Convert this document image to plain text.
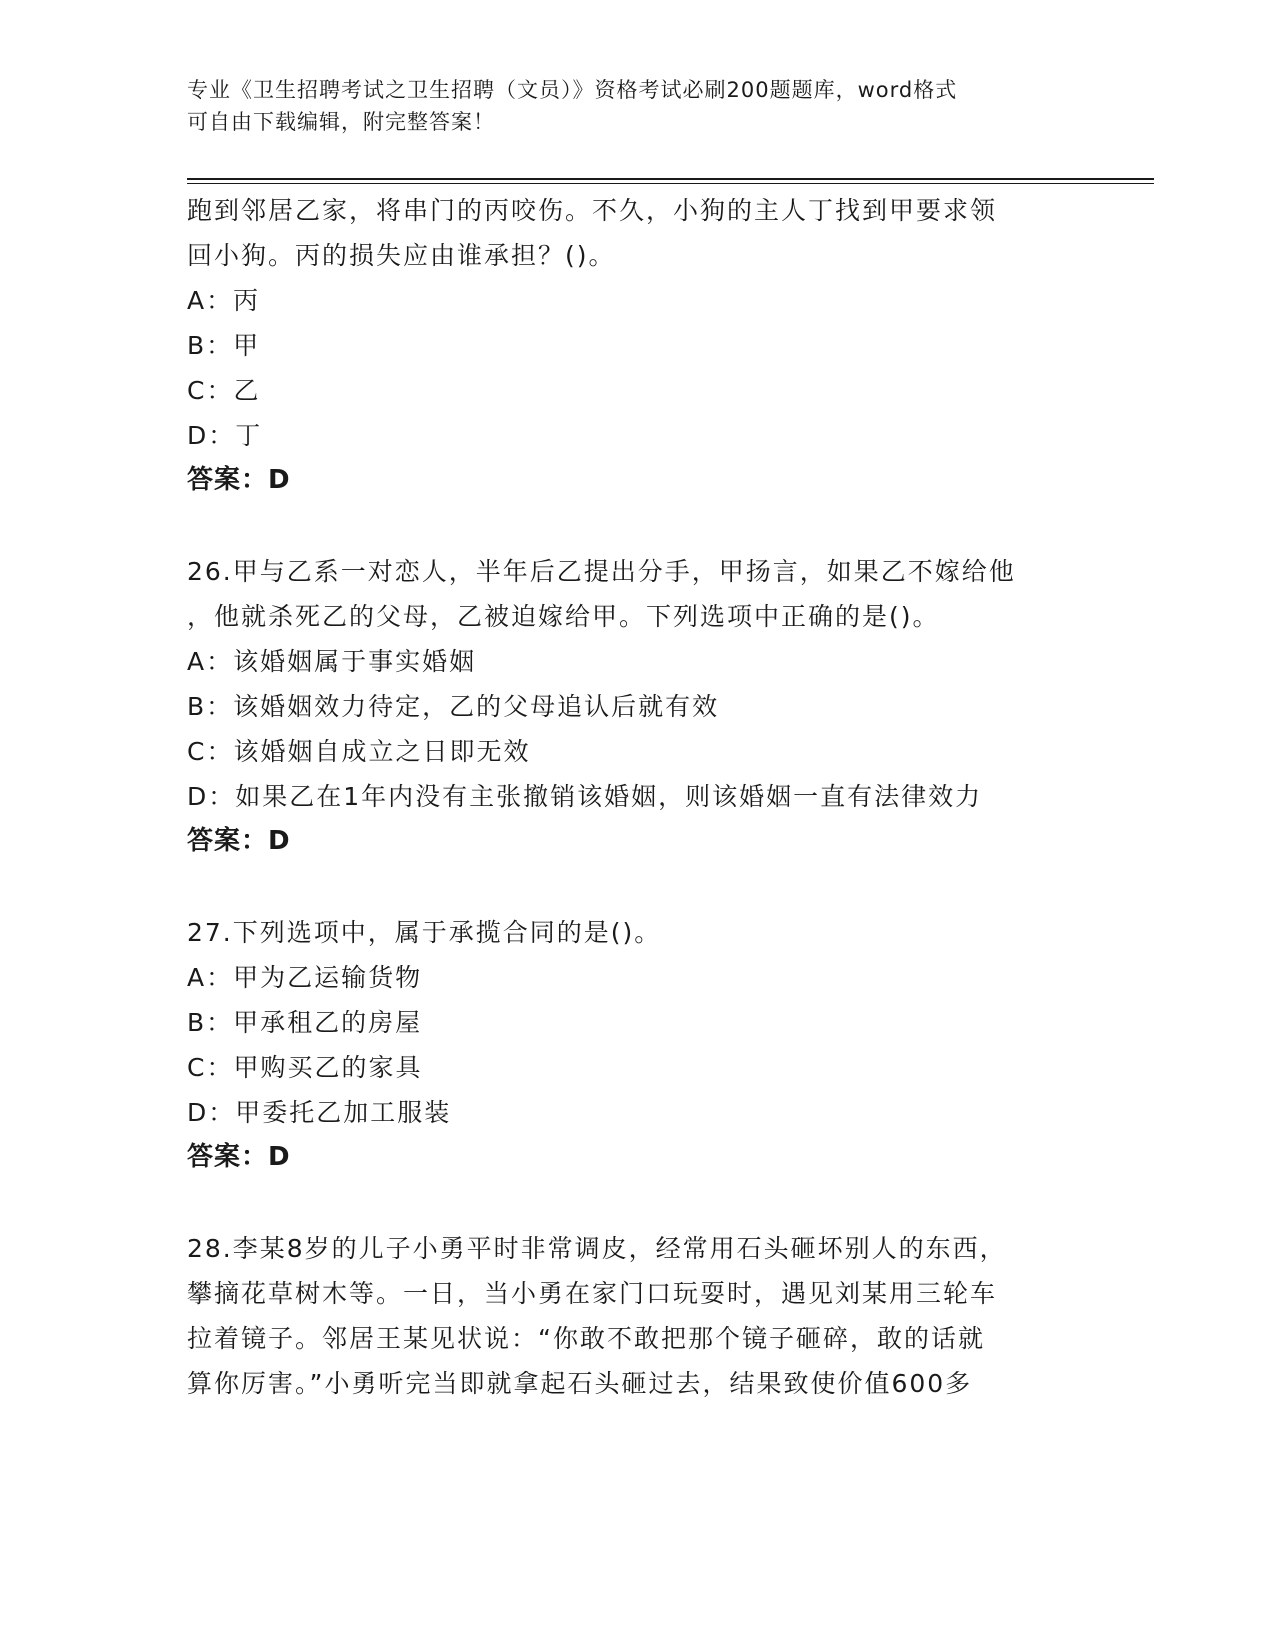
专业《卫生招聘考试之卫生招聘（文员）》资格考试必刷200题题库，word格式
可自由下载编辑，附完整答案！
跑到邻居乙家，将串门的丙咬伤。不久，小狗的主人丁找到甲要求领
回小狗。丙的损失应由谁承担？()。
A：丙
B：甲
C：乙
D：丁
答案：D
26.甲与乙系一对恋人，半年后乙提出分手，甲扬言，如果乙不嫁给他
，他就杀死乙的父母，乙被迫嫁给甲。下列选项中正确的是()。
A：该婚姻属于事实婚姻
B：该婚姻效力待定，乙的父母追认后就有效
C：该婚姻自成立之日即无效
D：如果乙在1年内没有主张撤销该婚姻，则该婚姻一直有法律效力
答案：D
27.下列选项中，属于承揽合同的是()。
A：甲为乙运输货物
B：甲承租乙的房屋
C：甲购买乙的家具
D：甲委托乙加工服装
答案：D
28.李某8岁的儿子小勇平时非常调皮，经常用石头砸坏别人的东西，
攀摘花草树木等。一日，当小勇在家门口玩耍时，遇见刘某用三轮车
拉着镜子。邻居王某见状说：“你敢不敢把那个镜子砸碎，敢的话就
算你厉害。”小勇听完当即就拿起石头砸过去，结果致使价值600多
